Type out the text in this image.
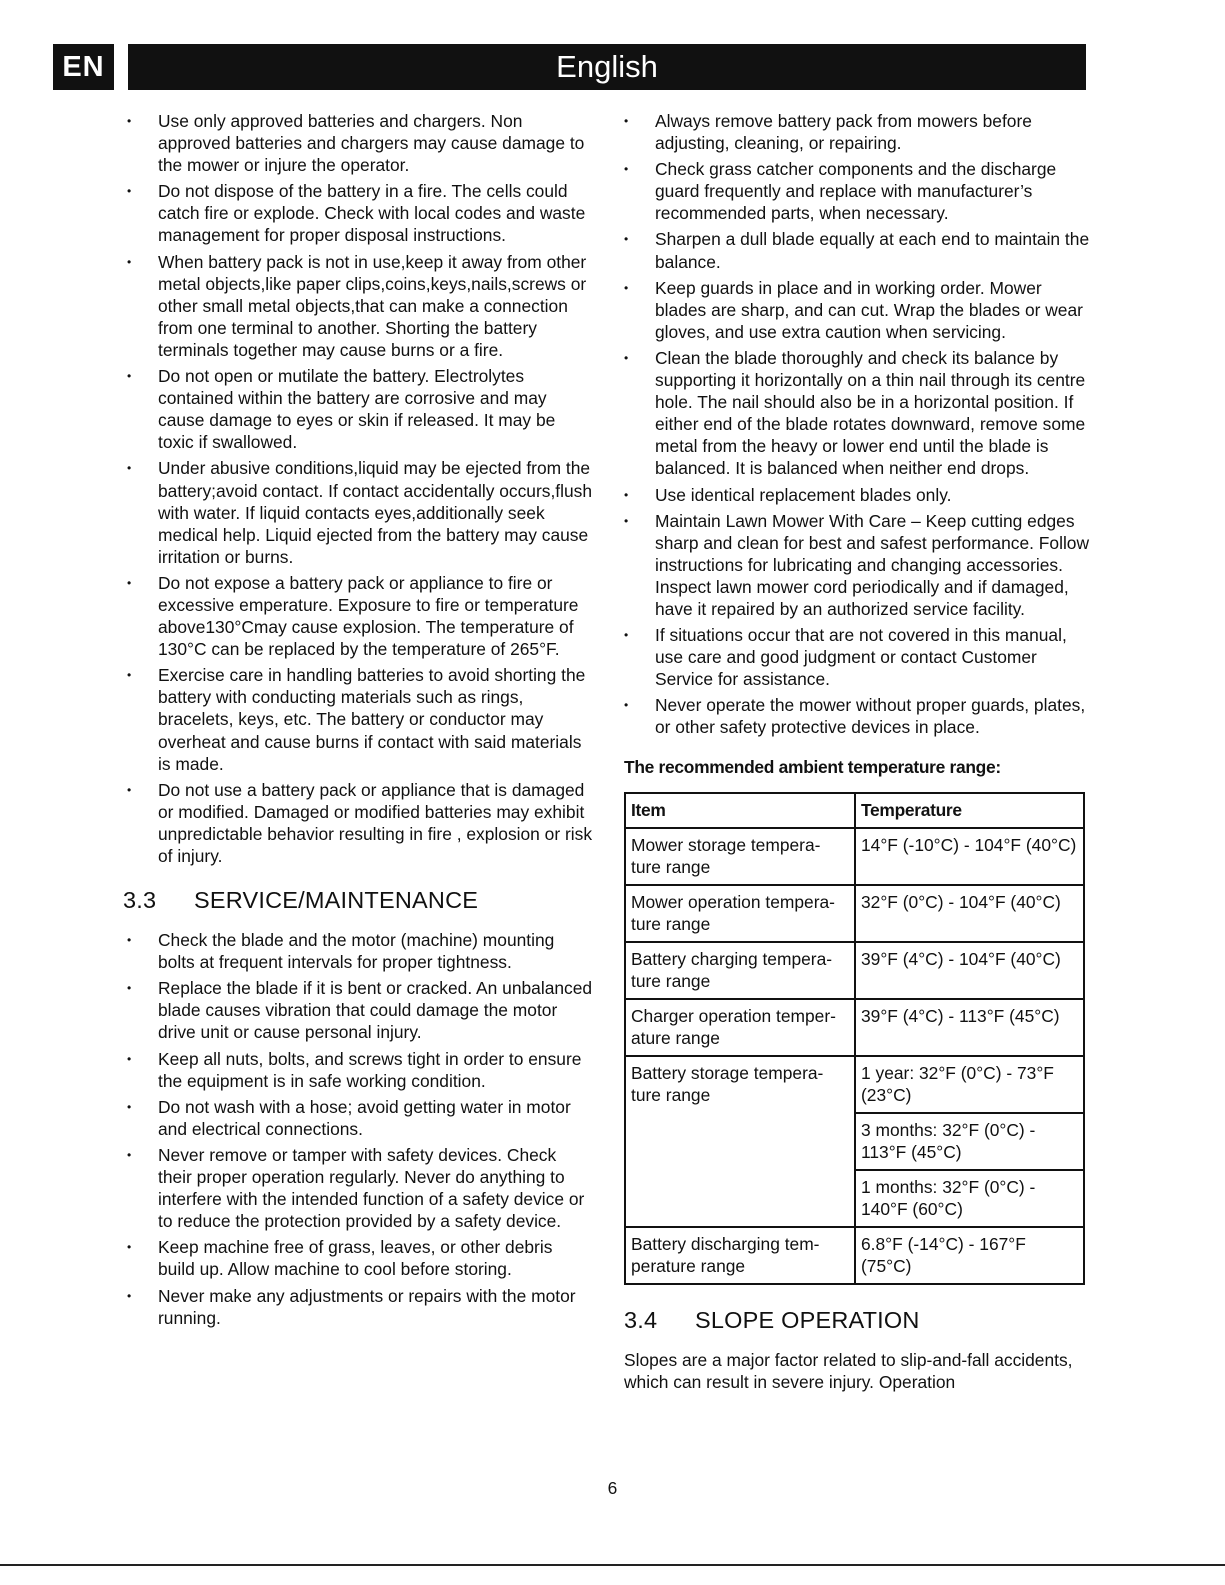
EN	English
• Use only approved batteries and chargers. Non approved batteries and chargers may cause damage to the mower or injure the operator.
• Do not dispose of the battery in a fire. The cells could catch fire or explode. Check with local codes and waste management for proper disposal instructions.
• When battery pack is not in use,keep it away from other metal objects,like paper clips,coins,keys,nails,screws or other small metal objects,that can make a connection from one terminal to another. Shorting the battery terminals together may cause burns or a fire.
• Do not open or mutilate the battery. Electrolytes contained within the battery are corrosive and may cause damage to eyes or skin if released. It may be toxic if swallowed.
• Under abusive conditions,liquid may be ejected from the battery;avoid contact. If contact accidentally occurs,flush with water. If liquid contacts eyes,additionally seek medical help. Liquid ejected from the battery may cause irritation or burns.
• Do not expose a battery pack or appliance to fire or excessive emperature. Exposure to fire or temperature above130°Cmay cause explosion. The temperature of 130°C can be replaced by the temperature of 265°F.
• Exercise care in handling batteries to avoid shorting the battery with conducting materials such as rings, bracelets, keys, etc. The battery or conductor may overheat and cause burns if contact with said materials is made.
• Do not use a battery pack or appliance that is damaged or modified. Damaged or modified batteries may exhibit unpredictable behavior resulting in fire , explosion or risk of injury.
3.3 SERVICE/MAINTENANCE
• Check the blade and the motor (machine) mounting bolts at frequent intervals for proper tightness.
• Replace the blade if it is bent or cracked. An unbalanced blade causes vibration that could damage the motor drive unit or cause personal injury.
• Keep all nuts, bolts, and screws tight in order to ensure the equipment is in safe working condition.
• Do not wash with a hose; avoid getting water in motor and electrical connections.
• Never remove or tamper with safety devices. Check their proper operation regularly. Never do anything to interfere with the intended function of a safety device or to reduce the protection provided by a safety device.
• Keep machine free of grass, leaves, or other debris build up. Allow machine to cool before storing.
• Never make any adjustments or repairs with the motor running.
• Always remove battery pack from mowers before adjusting, cleaning, or repairing.
• Check grass catcher components and the discharge guard frequently and replace with manufacturer’s recommended parts, when necessary.
• Sharpen a dull blade equally at each end to maintain the balance.
• Keep guards in place and in working order. Mower blades are sharp, and can cut. Wrap the blades or wear gloves, and use extra caution when servicing.
• Clean the blade thoroughly and check its balance by supporting it horizontally on a thin nail through its centre hole. The nail should also be in a horizontal position. If either end of the blade rotates downward, remove some metal from the heavy or lower end until the blade is balanced. It is balanced when neither end drops.
• Use identical replacement blades only.
• Maintain Lawn Mower With Care – Keep cutting edges sharp and clean for best and safest performance. Follow instructions for lubricating and changing accessories. Inspect lawn mower cord periodically and if damaged, have it repaired by an authorized service facility.
• If situations occur that are not covered in this manual, use care and good judgment or contact Customer Service for assistance.
• Never operate the mower without proper guards, plates, or other safety protective devices in place.
The recommended ambient temperature range:
Item	Temperature
Mower storage tempera-ture range	14°F (-10°C) - 104°F (40°C)
Mower operation tempera-ture range	32°F (0°C) - 104°F (40°C)
Battery charging tempera-ture range	39°F (4°C) - 104°F (40°C)
Charger operation temper-ature range	39°F (4°C) - 113°F (45°C)
Battery storage tempera-ture range	1 year: 32°F (0°C) - 73°F (23°C)
	3 months: 32°F (0°C) - 113°F (45°C)
	1 months: 32°F (0°C) - 140°F (60°C)
Battery discharging tem-perature range	6.8°F (-14°C) - 167°F (75°C)
3.4 SLOPE OPERATION

Slopes are a major factor related to slip-and-fall accidents, which can result in severe injury. Operation

6
